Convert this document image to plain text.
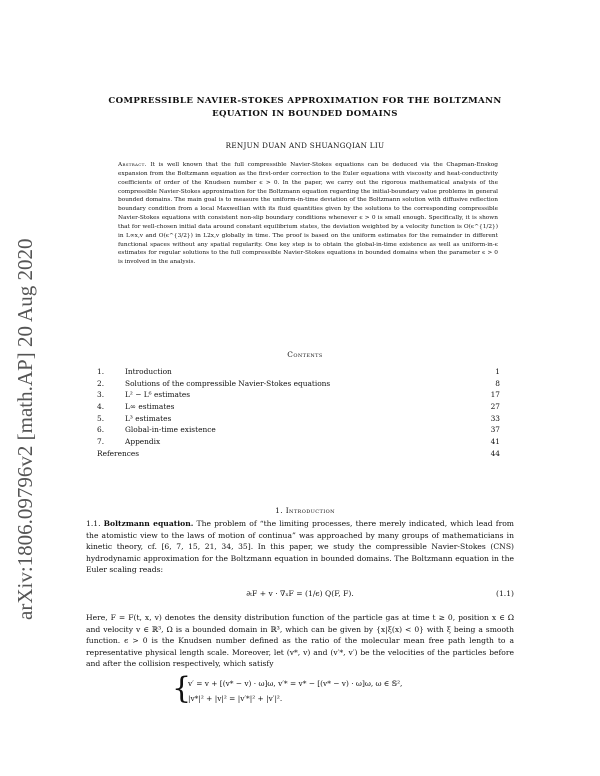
arXiv:1806.09796v2 [math.AP] 20 Aug 2020
COMPRESSIBLE NAVIER-STOKES APPROXIMATION FOR THE BOLTZMANN
EQUATION IN BOUNDED DOMAINS
RENJUN DUAN AND SHUANGQIAN LIU
Abstract. It is well known that the full compressible Navier-Stokes equations can be deduced via the Chapman-Enskog expansion from the Boltzmann equation as the first-order correction to the Euler equations with viscosity and heat-conductivity coefficients of order of the Knudsen number ϵ > 0. In the paper, we carry out the rigorous mathematical analysis of the compressible Navier-Stokes approximation for the Boltzmann equation regarding the initial-boundary value problems in general bounded domains. The main goal is to measure the uniform-in-time deviation of the Boltzmann solution with diffusive reflection boundary condition from a local Maxwellian with its fluid quantities given by the solutions to the corresponding compressible Navier-Stokes equations with consistent non-slip boundary conditions whenever ϵ > 0 is small enough. Specifically, it is shown that for well-chosen initial data around constant equilibrium states, the deviation weighted by a velocity function is O(ϵ^{1/2}) in L∞x,v and O(ϵ^{3/2}) in L2x,v globally in time. The proof is based on the uniform estimates for the remainder in different functional spaces without any spatial regularity. One key step is to obtain the global-in-time existence as well as uniform-in-ϵ estimates for regular solutions to the full compressible Navier-Stokes equations in bounded domains when the parameter ϵ > 0 is involved in the analysis.
Contents
1.	Introduction	1
2.	Solutions of the compressible Navier-Stokes equations	8
3.	L² − L⁶ estimates	17
4.	L∞ estimates	27
5.	L³ estimates	33
6.	Global-in-time existence	37
7.	Appendix	41
References	44
1. Introduction
1.1. Boltzmann equation. The problem of “the limiting processes, there merely indicated, which lead from the atomistic view to the laws of motion of continua” was approached by many groups of mathematicians in kinetic theory, cf. [6, 7, 15, 21, 34, 35]. In this paper, we study the compressible Navier-Stokes (CNS) hydrodynamic approximation for the Boltzmann equation in bounded domains. The Boltzmann equation in the Euler scaling reads:
∂ₜF + v · ∇ₓF = (1/ϵ) Q(F, F).	(1.1)
Here, F = F(t, x, v) denotes the density distribution function of the particle gas at time t ≥ 0, position x ∈ Ω and velocity v ∈ ℝ³, Ω is a bounded domain in ℝ³, which can be given by {x|ξ(x) < 0} with ξ being a smooth function. ϵ > 0 is the Knudsen number defined as the ratio of the molecular mean free path length to a representative physical length scale. Moreover, let (v*, v) and (v′*, v′) be the velocities of the particles before and after the collision respectively, which satisfy
{
v′ = v + [(v* − v) · ω]ω, v′* = v* − [(v* − v) · ω]ω, ω ∈ 𝕊²,
|v*|² + |v|² = |v′*|² + |v′|².
